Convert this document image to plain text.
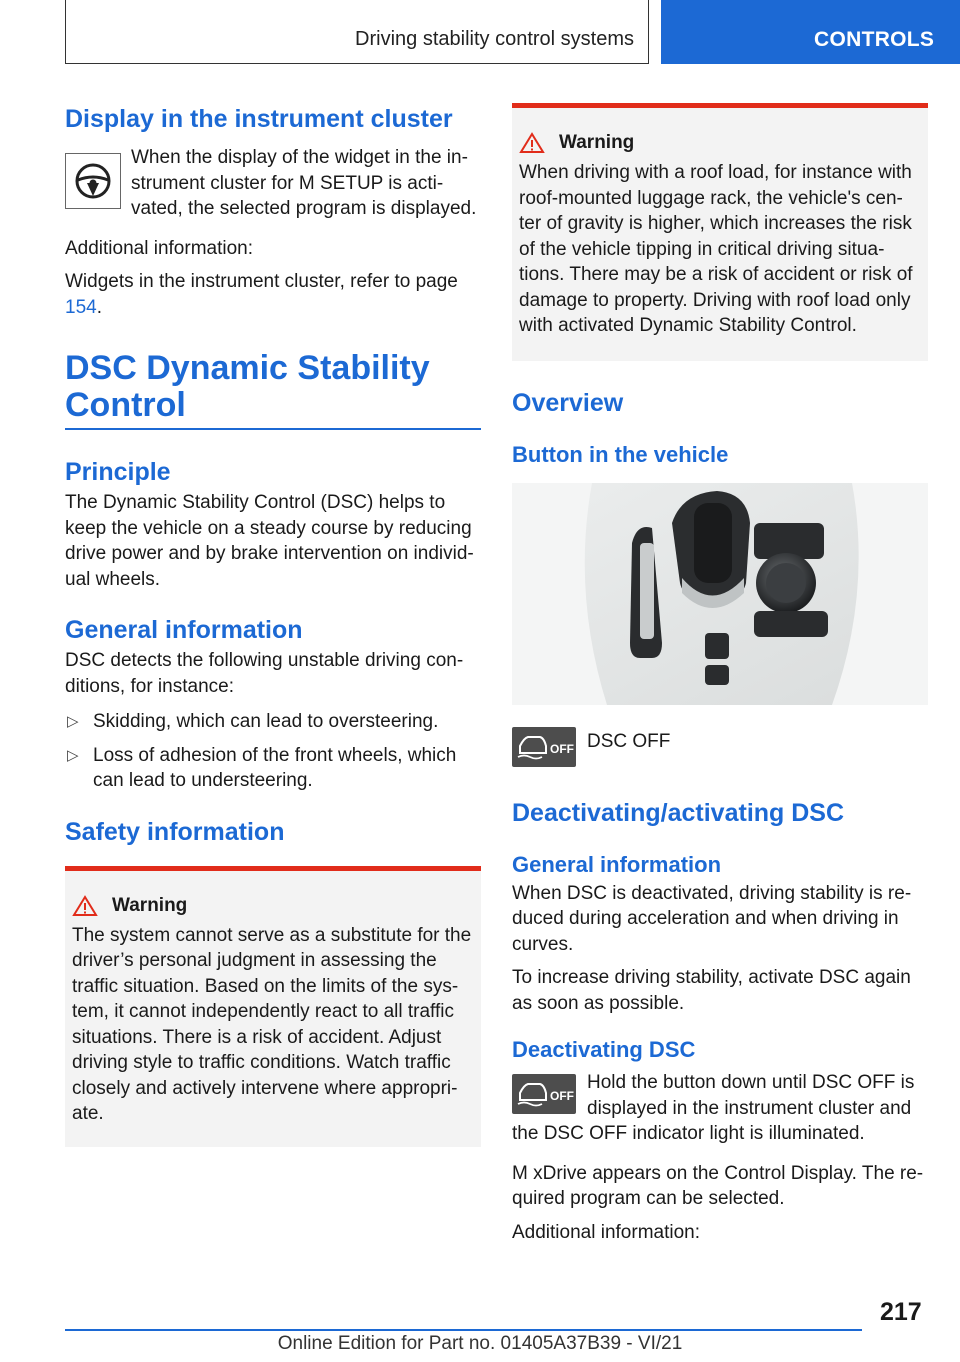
Driving stability control systems	CONTROLS
Display in the instrument cluster

When the display of the widget in the in-strument cluster for M SETUP is acti-vated, the selected program is displayed.

Additional information:

Widgets in the instrument cluster, refer to page 154.

DSC Dynamic Stability Control
Principle

The Dynamic Stability Control (DSC) helps to keep the vehicle on a steady course by reducing drive power and by brake intervention on individ-ual wheels.

General information

DSC detects the following unstable driving con-ditions, for instance:

▷ Skidding, which can lead to oversteering.
▷ Loss of adhesion of the front wheels, which can lead to understeering.
Safety information
Warning

The system cannot serve as a substitute for the driver’s personal judgment in assessing the traffic situation. Based on the limits of the sys-tem, it cannot independently react to all traffic situations. There is a risk of accident. Adjust driving style to traffic conditions. Watch traffic closely and actively intervene where appropri-ate.

Warning

When driving with a roof load, for instance with roof-mounted luggage rack, the vehicle's cen-ter of gravity is higher, which increases the risk of the vehicle tipping in critical driving situa-tions. There may be a risk of accident or risk of damage to property. Driving with roof load only with activated Dynamic Stability Control.

Overview
Button in the vehicle
OFF DSC OFF

Deactivating/activating DSC
General information

When DSC is deactivated, driving stability is re-duced during acceleration and when driving in curves.

To increase driving stability, activate DSC again as soon as possible.

Deactivating DSC
OFF

Hold the button down until DSC OFF is displayed in the instrument cluster and the DSC OFF indicator light is illuminated.

M xDrive appears on the Control Display. The re-quired program can be selected.

Additional information:

217
Online Edition for Part no. 01405A37B39 - VI/21
